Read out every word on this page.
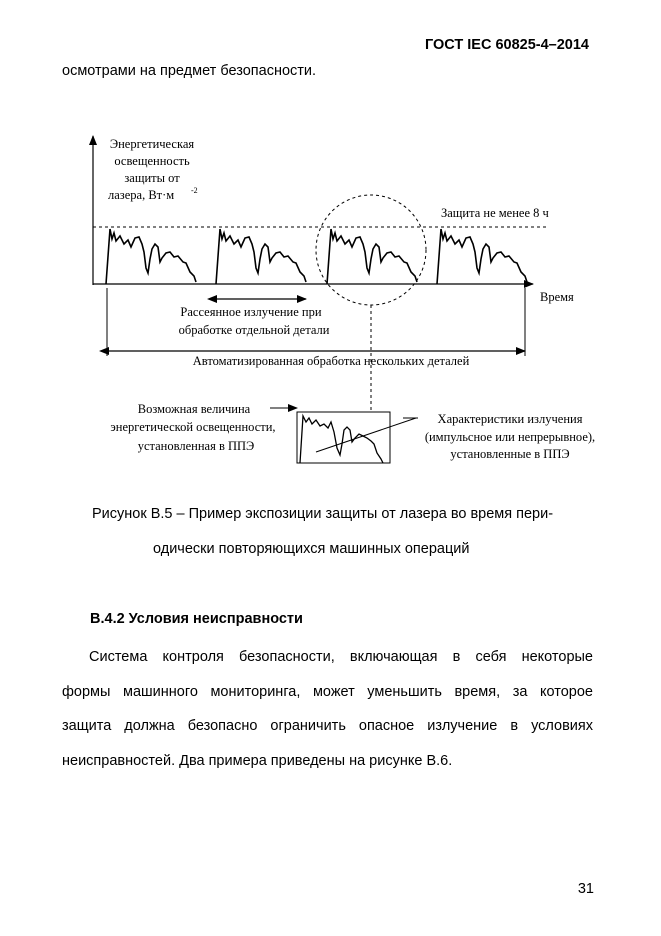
ГОСТ IEC 60825-4–2014
осмотрами на предмет безопасности.
Энергетическая
освещенность
защиты от
лазера, Вт·м -2
Защита не менее 8 ч
Время
Рассеянное излучение при
обработке отдельной детали
Автоматизированная обработка нескольких деталей
Возможная величина
энергетической освещенности,
установленная в ППЭ
Характеристики излучения
(импульсное или непрерывное),
установленные в ППЭ
Рисунок В.5 – Пример экспозиции защиты от лазера во время пери-
одически повторяющихся машинных операций
В.4.2 Условия неисправности
Система контроля безопасности, включающая в себя некоторые
формы машинного мониторинга, может уменьшить время, за которое
защита должна безопасно ограничить опасное излучение в условиях
неисправностей. Два примера приведены на рисунке В.6.
31
